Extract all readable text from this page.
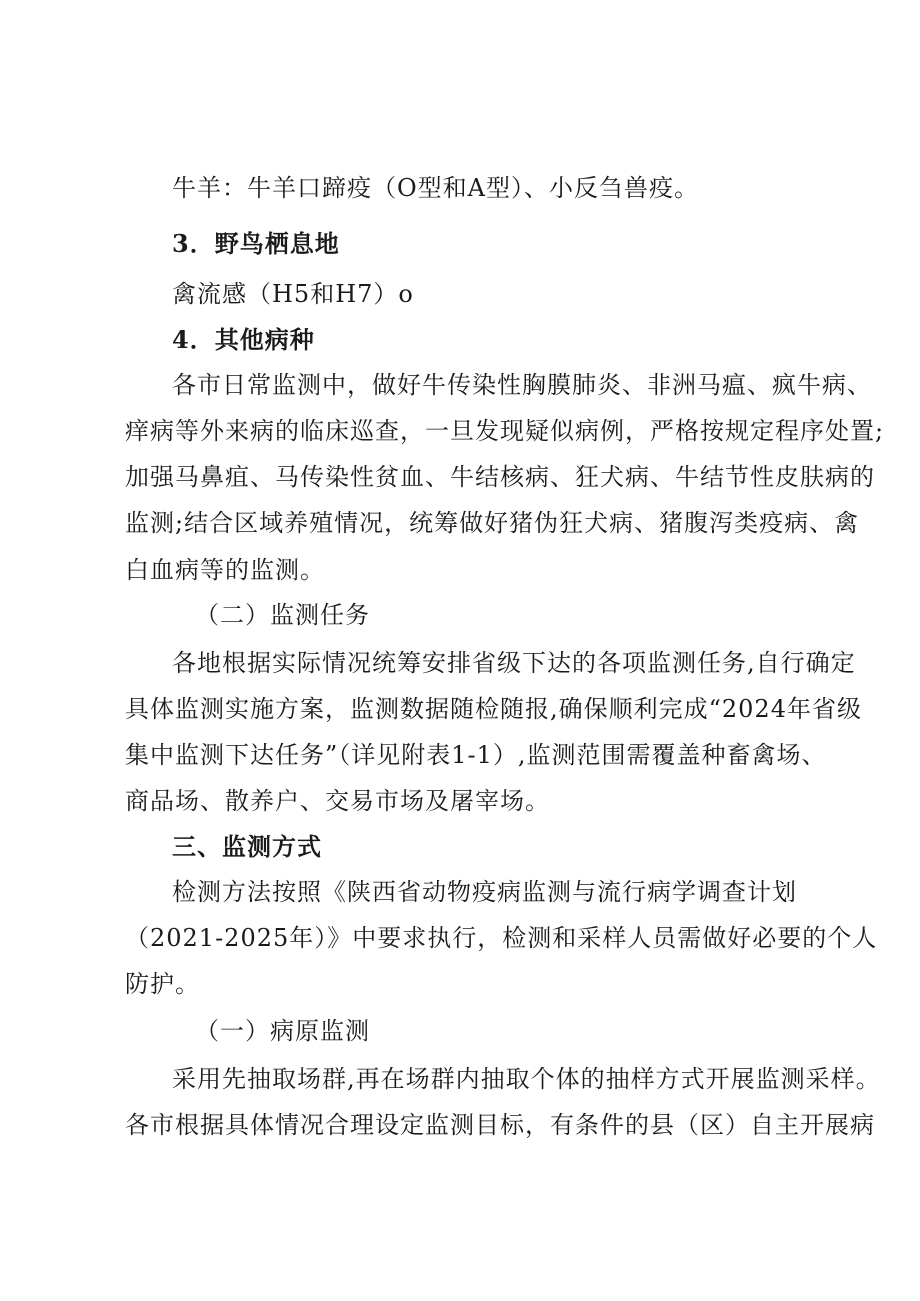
牛羊：牛羊口蹄疫（O型和A型）、小反刍兽疫。
3．野鸟栖息地
禽流感（H5和H7）o
4．其他病种
各市日常监测中，做好牛传染性胸膜肺炎、非洲马瘟、疯牛病、
痒病等外来病的临床巡查，一旦发现疑似病例，严格按规定程序处置;
加强马鼻疽、马传染性贫血、牛结核病、狂犬病、牛结节性皮肤病的
监测;结合区域养殖情况，统筹做好猪伪狂犬病、猪腹泻类疫病、禽
白血病等的监测。
（二）监测任务
各地根据实际情况统筹安排省级下达的各项监测任务,自行确定
具体监测实施方案，监测数据随检随报,确保顺利完成“2024年省级
集中监测下达任务”（详见附表1-1）,监测范围需覆盖种畜禽场、
商品场、散养户、交易市场及屠宰场。
三、监测方式
检测方法按照《陕西省动物疫病监测与流行病学调查计划
（2021-2025年）》中要求执行，检测和采样人员需做好必要的个人
防护。
（一）病原监测
采用先抽取场群,再在场群内抽取个体的抽样方式开展监测采样。
各市根据具体情况合理设定监测目标，有条件的县（区）自主开展病
